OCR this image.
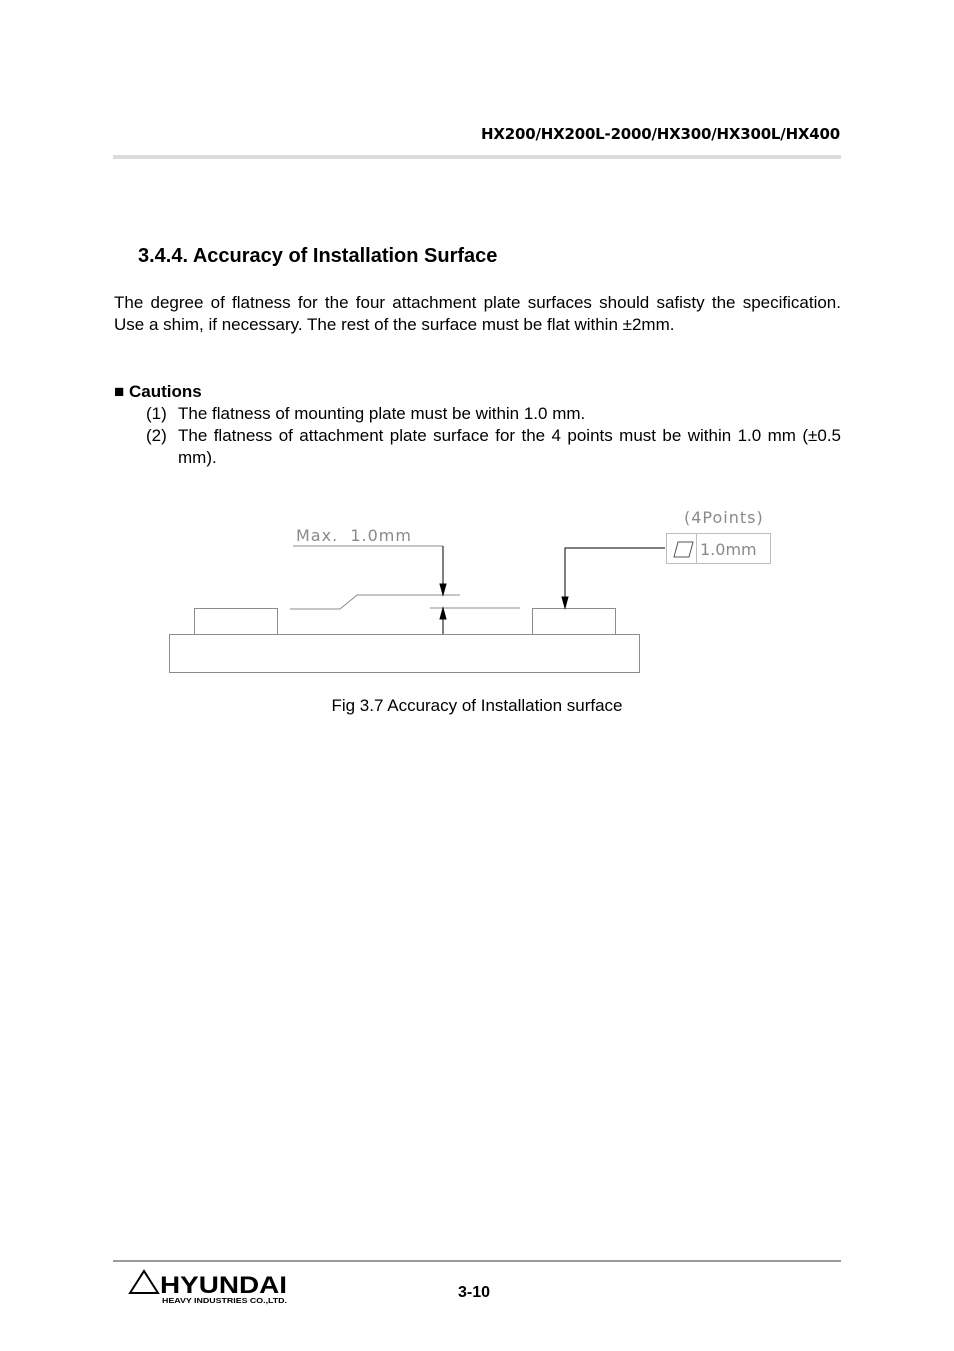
HX200/HX200L-2000/HX300/HX300L/HX400
3.4.4. Accuracy of Installation Surface

The degree of flatness for the four attachment plate surfaces should safisty the specification. Use a shim, if necessary. The rest of the surface must be flat within ±2mm.

■ Cautions
(1) The flatness of mounting plate must be within 1.0 mm.
(2) The flatness of attachment plate surface for the 4 points must be within 1.0 mm (±0.5 mm).
Max.  1.0mm
(4Points)
1.0mm
Fig 3.7 Accuracy of Installation surface
HYUNDAI
HEAVY INDUSTRIES CO.,LTD.
3-10
